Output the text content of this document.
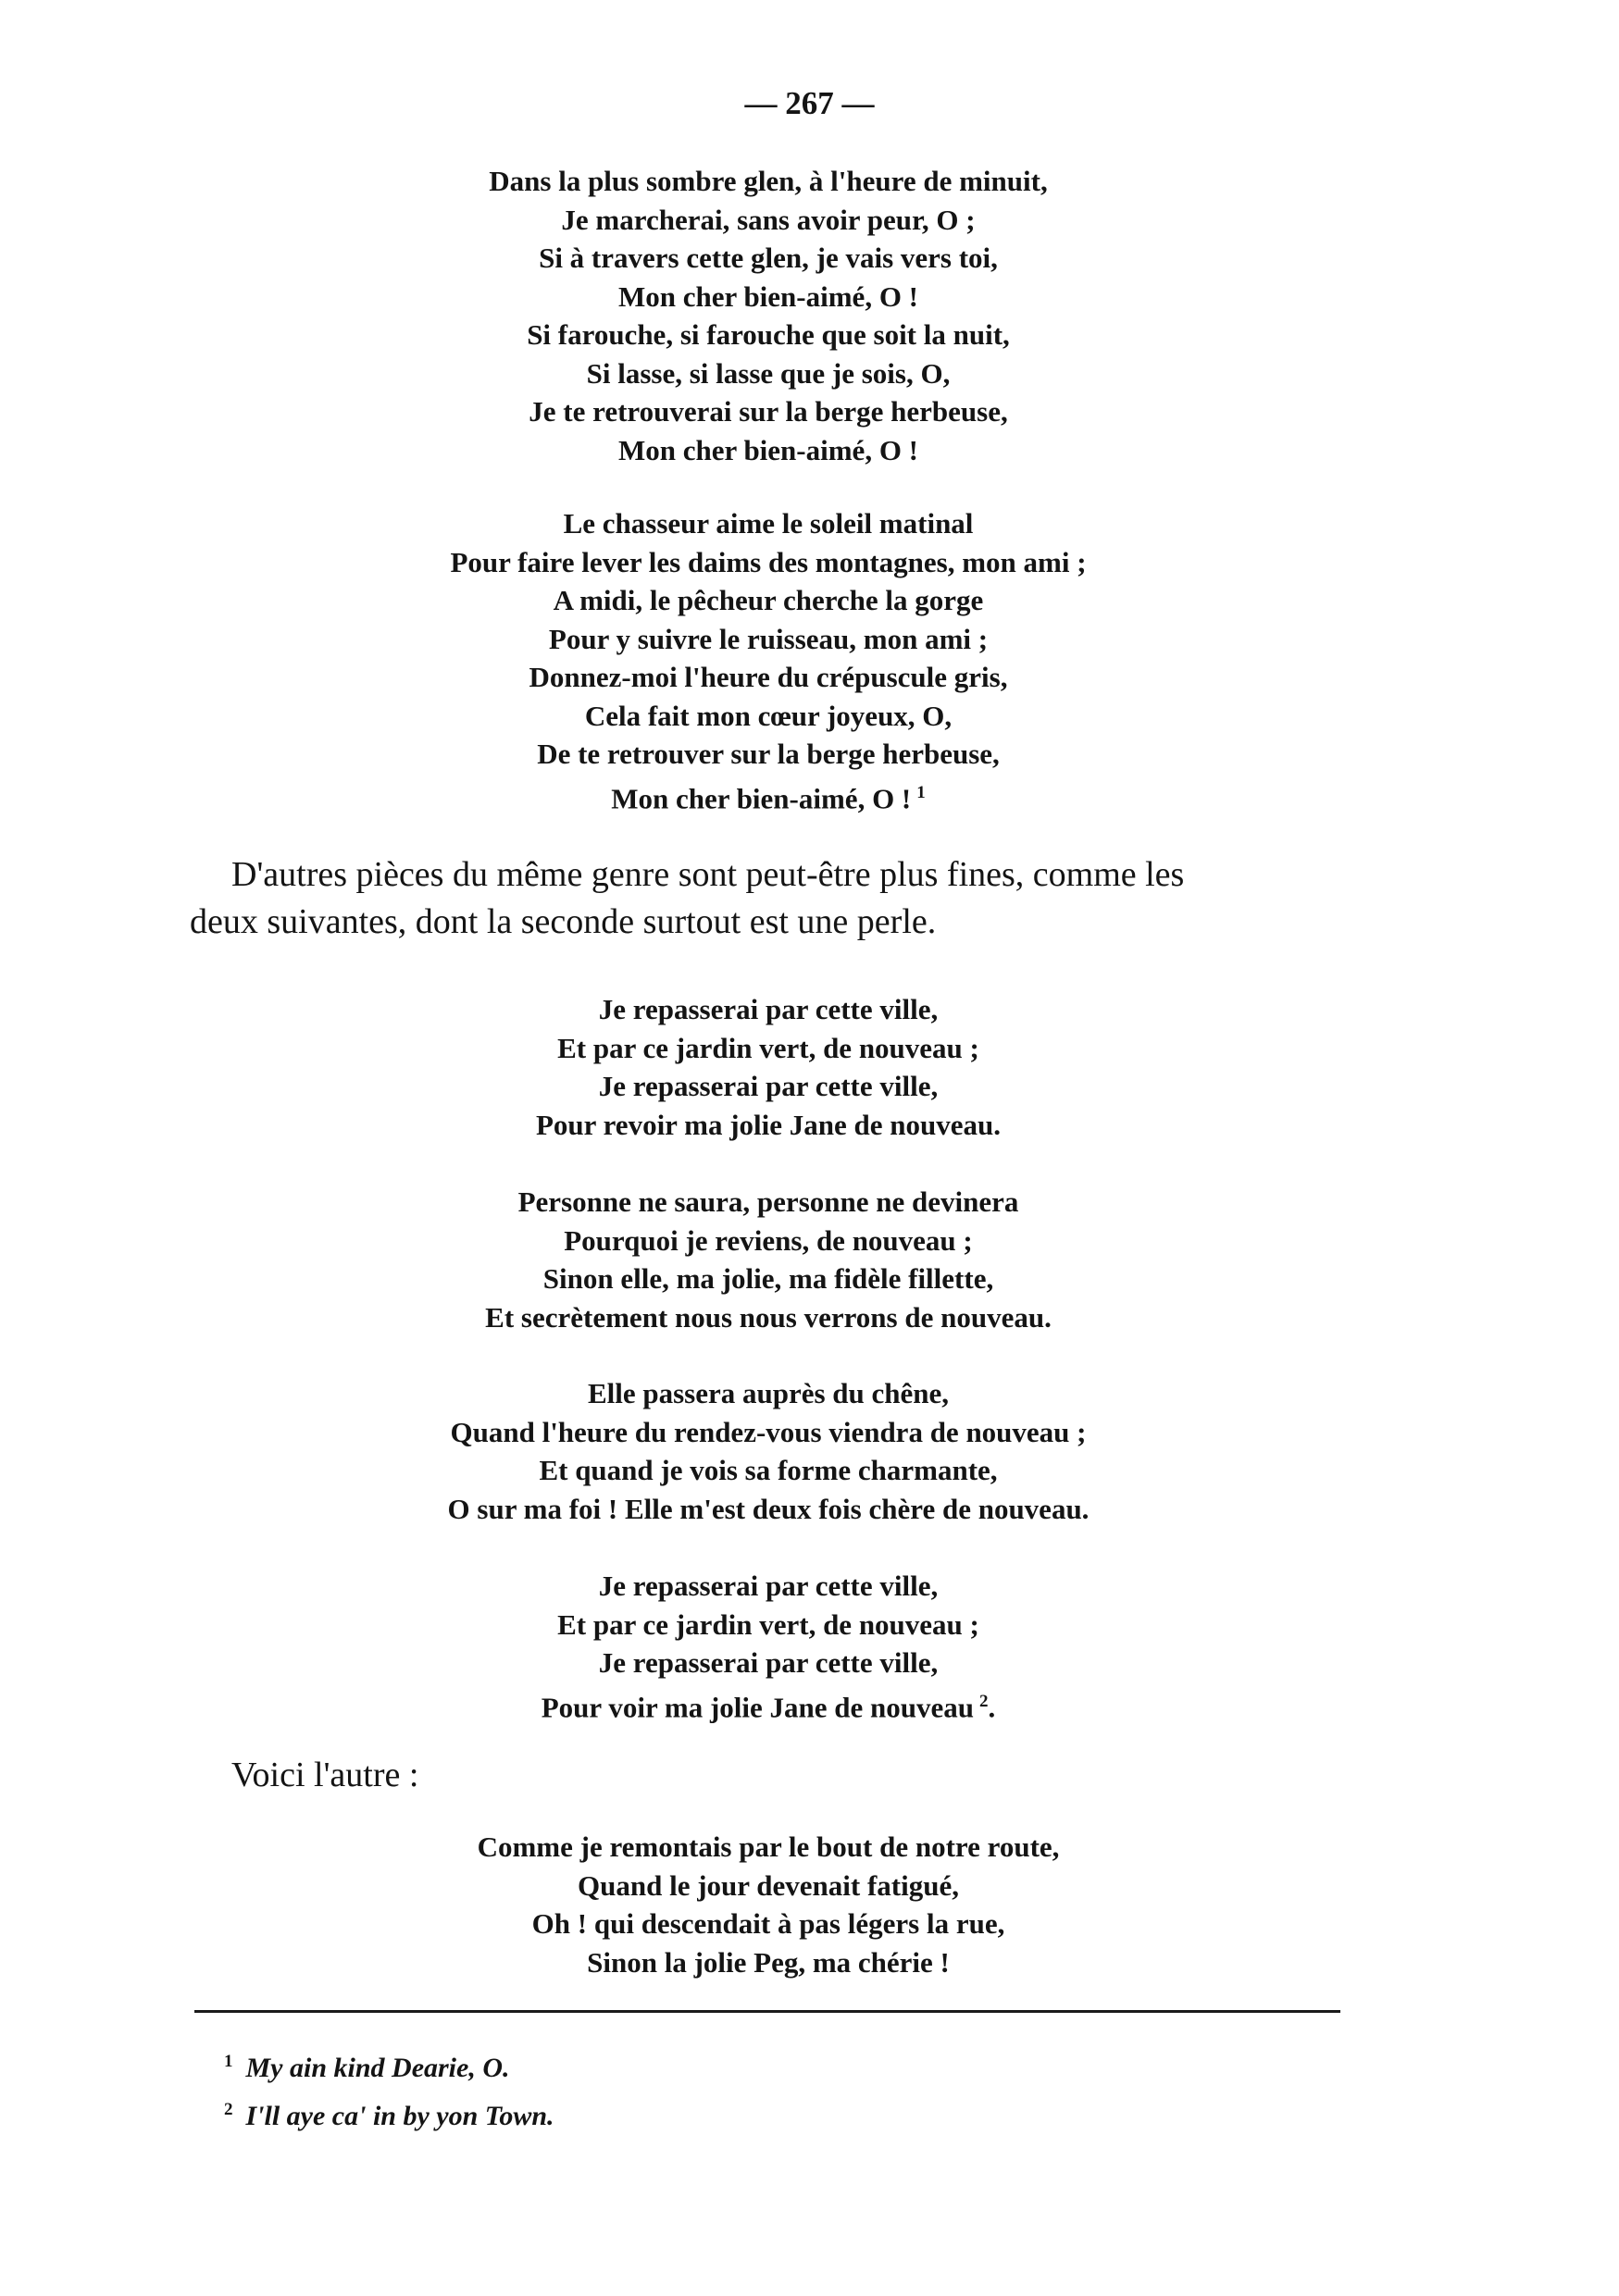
— 267 —
Dans la plus sombre glen, à l'heure de minuit,
Je marcherai, sans avoir peur, O ;
Si à travers cette glen, je vais vers toi,
Mon cher bien-aimé, O !
Si farouche, si farouche que soit la nuit,
Si lasse, si lasse que je sois, O,
Je te retrouverai sur la berge herbeuse,
Mon cher bien-aimé, O !
Le chasseur aime le soleil matinal
Pour faire lever les daims des montagnes, mon ami ;
A midi, le pêcheur cherche la gorge
Pour y suivre le ruisseau, mon ami ;
Donnez-moi l'heure du crépuscule gris,
Cela fait mon cœur joyeux, O,
De te retrouver sur la berge herbeuse,
Mon cher bien-aimé, O ! $^1$
D'autres pièces du même genre sont peut-être plus fines, comme les
deux suivantes, dont la seconde surtout est une perle.
Je repasserai par cette ville,
Et par ce jardin vert, de nouveau ;
Je repasserai par cette ville,
Pour revoir ma jolie Jane de nouveau.
Personne ne saura, personne ne devinera
Pourquoi je reviens, de nouveau ;
Sinon elle, ma jolie, ma fidèle fillette,
Et secrètement nous nous verrons de nouveau.
Elle passera auprès du chêne,
Quand l'heure du rendez-vous viendra de nouveau ;
Et quand je vois sa forme charmante,
O sur ma foi ! Elle m'est deux fois chère de nouveau.
Je repasserai par cette ville,
Et par ce jardin vert, de nouveau ;
Je repasserai par cette ville,
Pour voir ma jolie Jane de nouveau $^2$.
Voici l'autre :
Comme je remontais par le bout de notre route,
Quand le jour devenait fatigué,
Oh ! qui descendait à pas légers la rue,
Sinon la jolie Peg, ma chérie !
$^1$ My ain kind Dearie, O.
$^2$ I'll aye ca' in by yon Town.
